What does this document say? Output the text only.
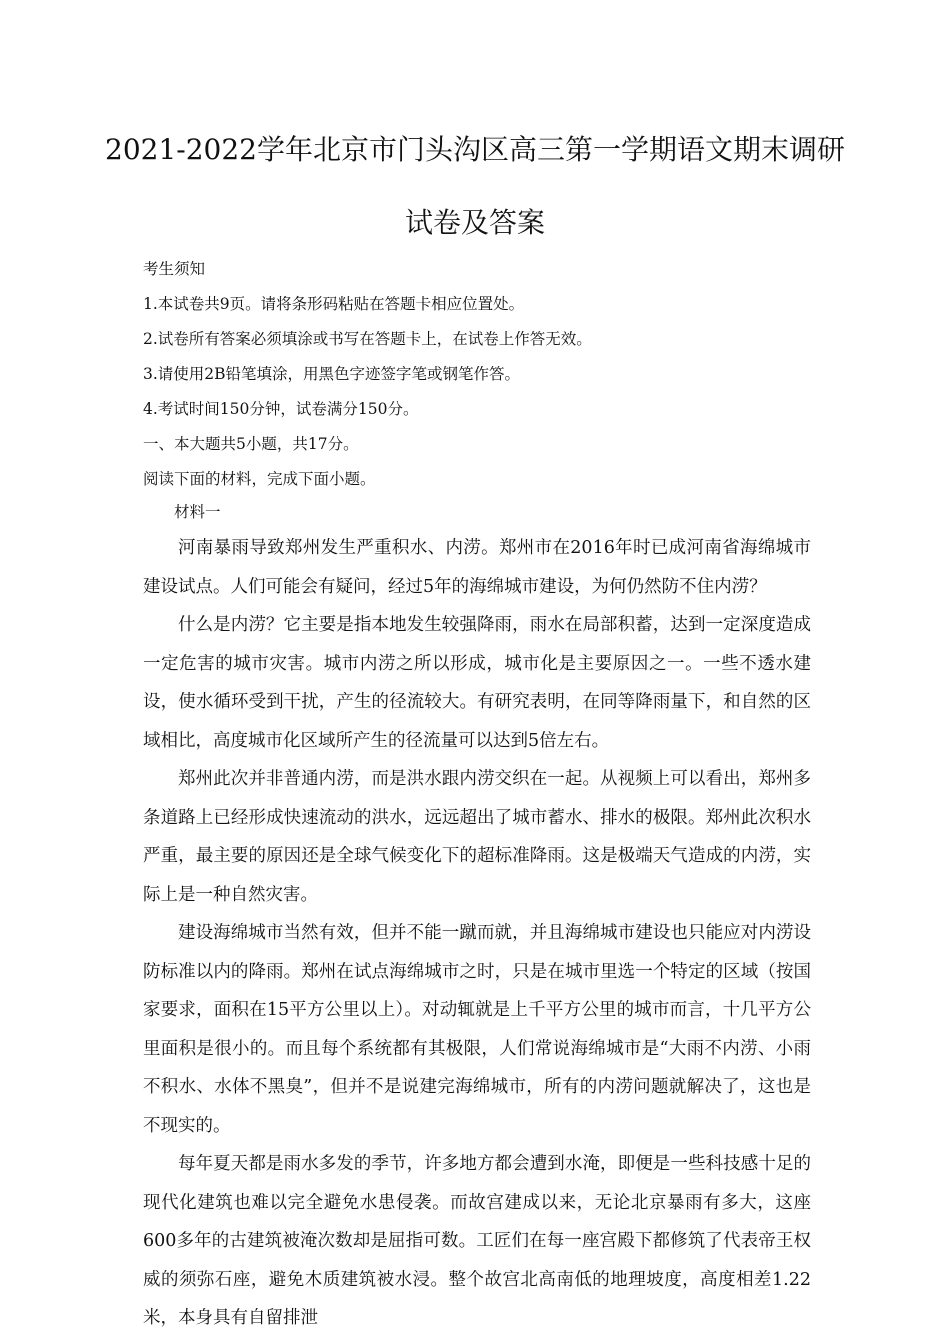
2021-2022学年北京市门头沟区高三第一学期语文期末调研
试卷及答案
考生须知
1.本试卷共9页。请将条形码粘贴在答题卡相应位置处。
2.试卷所有答案必须填涂或书写在答题卡上，在试卷上作答无效。
3.请使用2B铅笔填涂，用黑色字迹签字笔或钢笔作答。
4.考试时间150分钟，试卷满分150分。
一、本大题共5小题，共17分。
阅读下面的材料，完成下面小题。

材料一

河南暴雨导致郑州发生严重积水、内涝。郑州市在2016年时已成河南省海绵城市建设试点。人们可能会有疑问，经过5年的海绵城市建设，为何仍然防不住内涝？

什么是内涝？它主要是指本地发生较强降雨，雨水在局部积蓄，达到一定深度造成一定危害的城市灾害。城市内涝之所以形成，城市化是主要原因之一。一些不透水建设，使水循环受到干扰，产生的径流较大。有研究表明，在同等降雨量下，和自然的区域相比，高度城市化区域所产生的径流量可以达到5倍左右。

郑州此次并非普通内涝，而是洪水跟内涝交织在一起。从视频上可以看出，郑州多条道路上已经形成快速流动的洪水，远远超出了城市蓄水、排水的极限。郑州此次积水严重，最主要的原因还是全球气候变化下的超标准降雨。这是极端天气造成的内涝，实际上是一种自然灾害。

建设海绵城市当然有效，但并不能一蹴而就，并且海绵城市建设也只能应对内涝设防标准以内的降雨。郑州在试点海绵城市之时，只是在城市里选一个特定的区域（按国家要求，面积在15平方公里以上）。对动辄就是上千平方公里的城市而言，十几平方公里面积是很小的。而且每个系统都有其极限，人们常说海绵城市是“大雨不内涝、小雨不积水、水体不黑臭”，但并不是说建完海绵城市，所有的内涝问题就解决了，这也是不现实的。

每年夏天都是雨水多发的季节，许多地方都会遭到水淹，即便是一些科技感十足的现代化建筑也难以完全避免水患侵袭。而故宫建成以来，无论北京暴雨有多大，这座600多年的古建筑被淹次数却是屈指可数。工匠们在每一座宫殿下都修筑了代表帝王权威的须弥石座，避免木质建筑被水浸。整个故宫北高南低的地理坡度，高度相差1.22米，本身具有自留排泄
